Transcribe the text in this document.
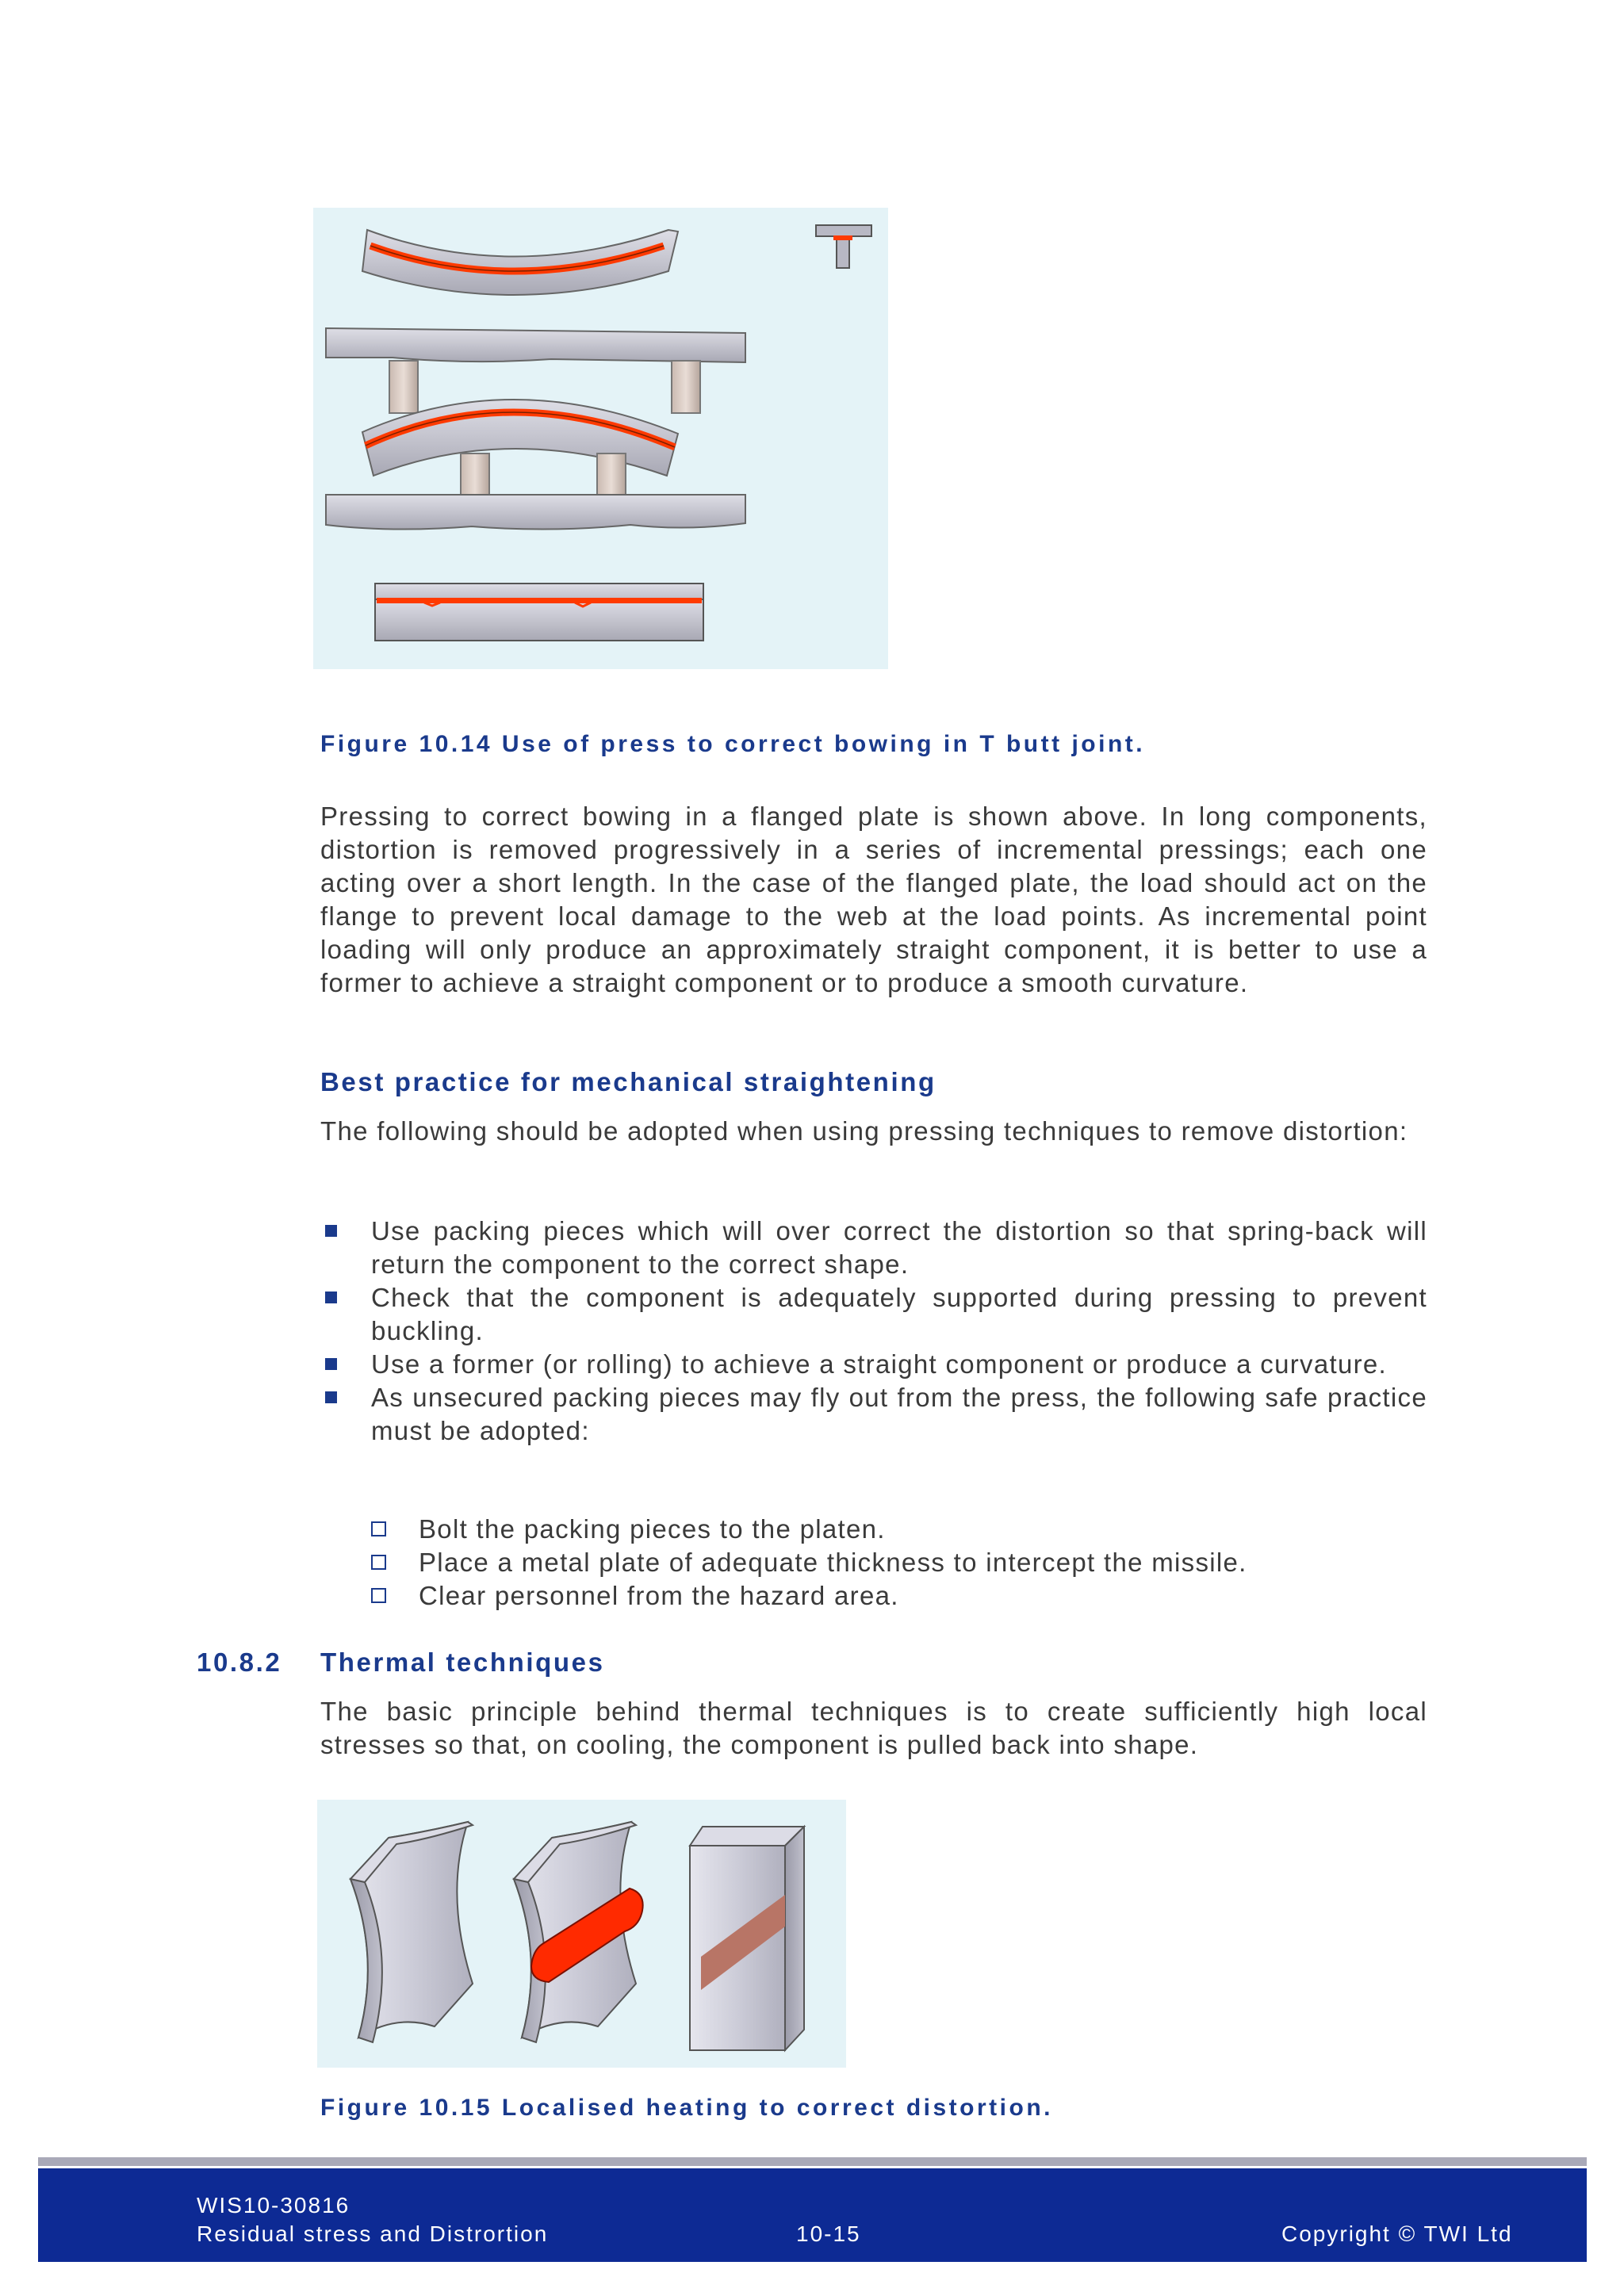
Figure 10.14 Use of press to correct bowing in T butt joint.
Pressing to correct bowing in a flanged plate is shown above. In long components, distortion is removed progressively in a series of incremental pressings; each one acting over a short length. In the case of the flanged plate, the load should act on the flange to prevent local damage to the web at the load points. As incremental point loading will only produce an approximately straight component, it is better to use a former to achieve a straight component or to produce a smooth curvature.
Best practice for mechanical straightening
The following should be adopted when using pressing techniques to remove distortion:
Use packing pieces which will over correct the distortion so that spring-back will return the component to the correct shape.
Check that the component is adequately supported during pressing to prevent buckling.
Use a former (or rolling) to achieve a straight component or produce a curvature.
As unsecured packing pieces may fly out from the press, the following safe practice must be adopted:
Bolt the packing pieces to the platen.
Place a metal plate of adequate thickness to intercept the missile.
Clear personnel from the hazard area.
10.8.2 Thermal techniques
The basic principle behind thermal techniques is to create sufficiently high local stresses so that, on cooling, the component is pulled back into shape.
Figure 10.15 Localised heating to correct distortion.
WIS10-30816
Residual stress and Distrortion	10-15	Copyright © TWI Ltd
